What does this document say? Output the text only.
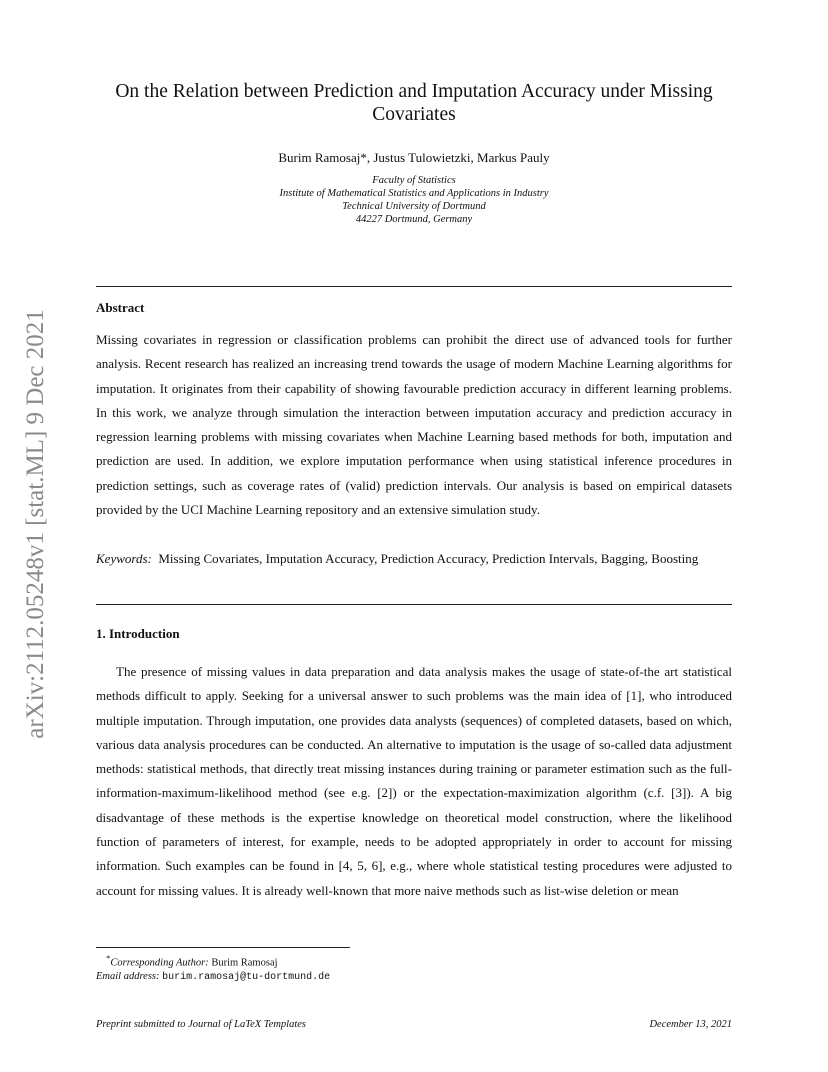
arXiv:2112.05248v1 [stat.ML] 9 Dec 2021
On the Relation between Prediction and Imputation Accuracy under Missing Covariates
Burim Ramosaj*, Justus Tulowietzki, Markus Pauly
Faculty of Statistics
Institute of Mathematical Statistics and Applications in Industry
Technical University of Dortmund
44227 Dortmund, Germany
Abstract
Missing covariates in regression or classification problems can prohibit the direct use of advanced tools for further analysis. Recent research has realized an increasing trend towards the usage of modern Machine Learning algorithms for imputation. It originates from their capability of showing favourable prediction accuracy in different learning problems. In this work, we analyze through simulation the interaction between imputation accuracy and prediction accuracy in regression learning problems with missing covariates when Machine Learning based methods for both, imputation and prediction are used. In addition, we explore imputation performance when using statistical inference procedures in prediction settings, such as coverage rates of (valid) prediction intervals. Our analysis is based on empirical datasets provided by the UCI Machine Learning repository and an extensive simulation study.
Keywords: Missing Covariates, Imputation Accuracy, Prediction Accuracy, Prediction Intervals, Bagging, Boosting
1. Introduction
The presence of missing values in data preparation and data analysis makes the usage of state-of-the art statistical methods difficult to apply. Seeking for a universal answer to such problems was the main idea of [1], who introduced multiple imputation. Through imputation, one provides data analysts (sequences) of completed datasets, based on which, various data analysis procedures can be conducted. An alternative to imputation is the usage of so-called data adjustment methods: statistical methods, that directly treat missing instances during training or parameter estimation such as the full-information-maximum-likelihood method (see e.g. [2]) or the expectation-maximization algorithm (c.f. [3]). A big disadvantage of these methods is the expertise knowledge on theoretical model construction, where the likelihood function of parameters of interest, for example, needs to be adopted appropriately in order to account for missing information. Such examples can be found in [4, 5, 6], e.g., where whole statistical testing procedures were adjusted to account for missing values. It is already well-known that more naive methods such as list-wise deletion or mean
*Corresponding Author: Burim Ramosaj
Email address: burim.ramosaj@tu-dortmund.de
Preprint submitted to Journal of LaTeX Templates	December 13, 2021
